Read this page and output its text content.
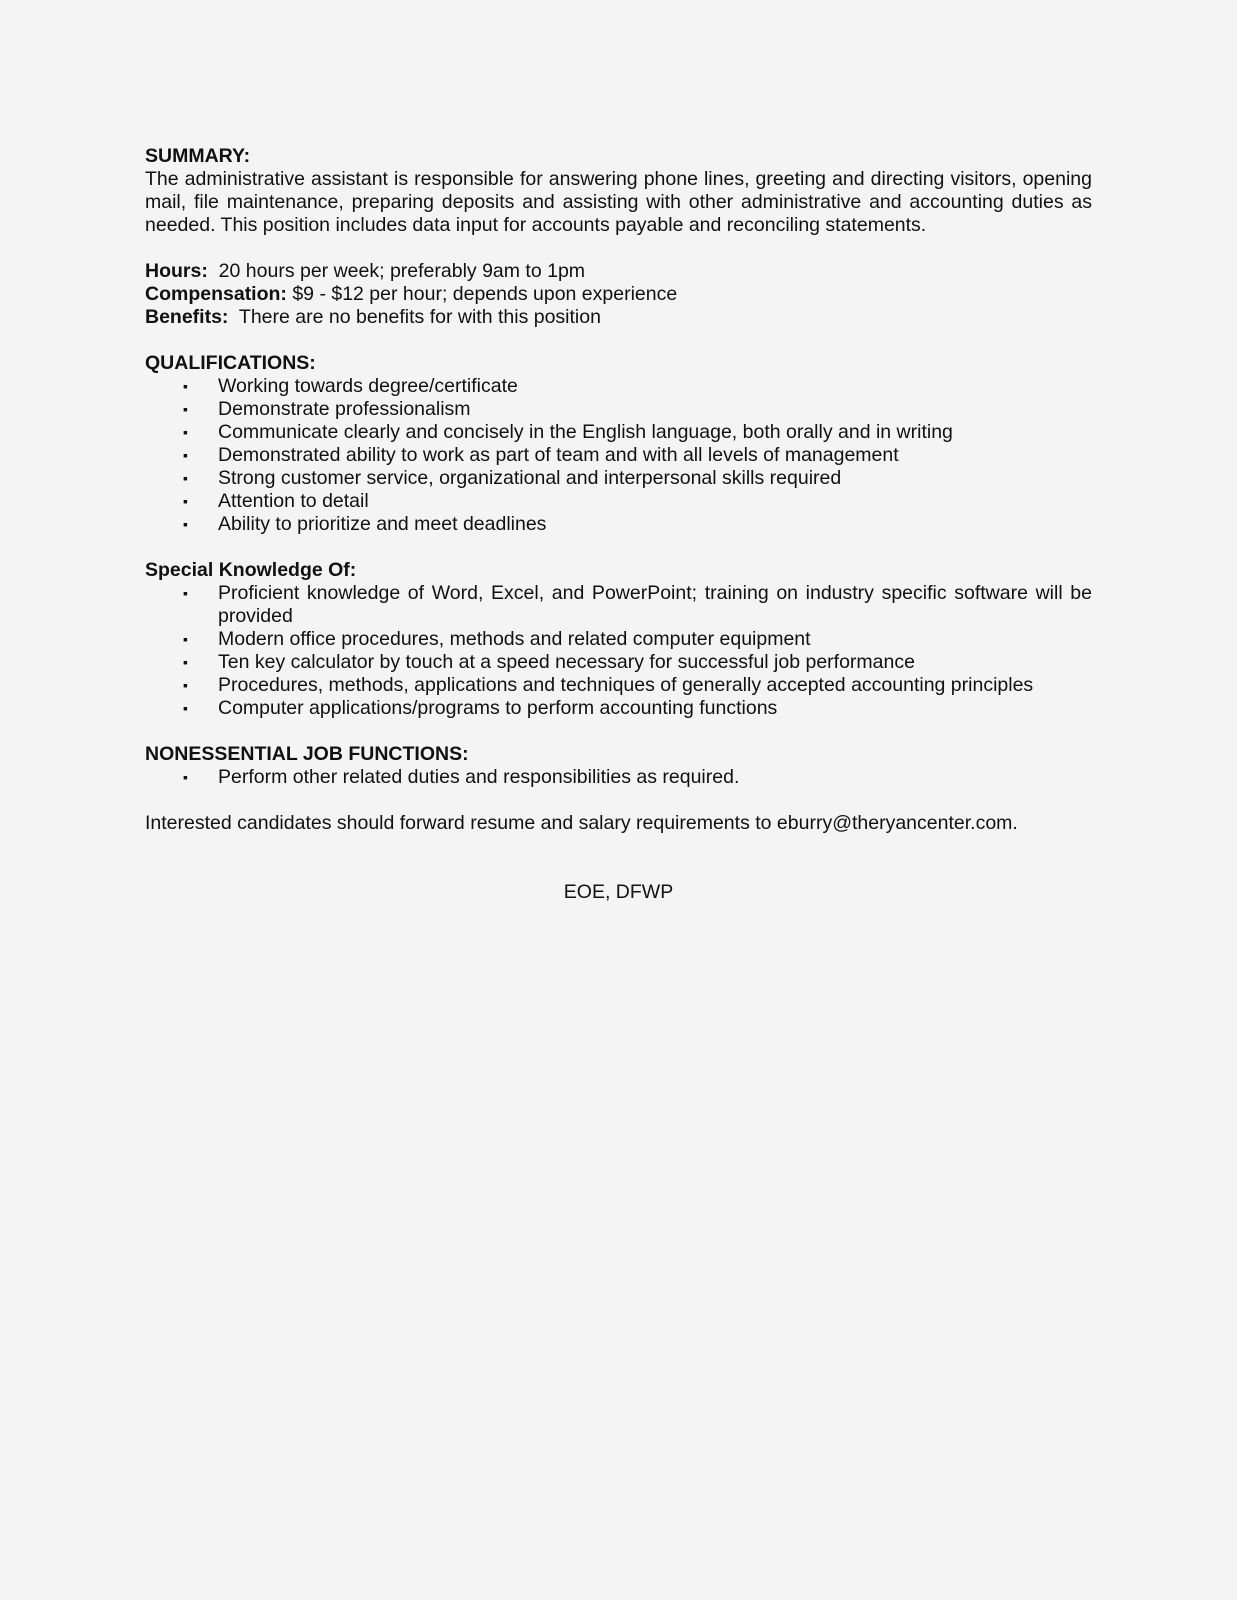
SUMMARY:

The administrative assistant is responsible for answering phone lines, greeting and directing visitors, opening mail, file maintenance, preparing deposits and assisting with other administrative and accounting duties as needed. This position includes data input for accounts payable and reconciling statements.

Hours:  20 hours per week; preferably 9am to 1pm

Compensation: $9 - $12 per hour; depends upon experience

Benefits:  There are no benefits for with this position

QUALIFICATIONS:

▪ Working towards degree/certificate
▪ Demonstrate professionalism
▪ Communicate clearly and concisely in the English language, both orally and in writing
▪ Demonstrated ability to work as part of team and with all levels of management
▪ Strong customer service, organizational and interpersonal skills required
▪ Attention to detail
▪ Ability to prioritize and meet deadlines

Special Knowledge Of:

▪ Proficient knowledge of Word, Excel, and PowerPoint; training on industry specific software will be provided
▪ Modern office procedures, methods and related computer equipment
▪ Ten key calculator by touch at a speed necessary for successful job performance
▪ Procedures, methods, applications and techniques of generally accepted accounting principles
▪ Computer applications/programs to perform accounting functions

NONESSENTIAL JOB FUNCTIONS:

▪ Perform other related duties and responsibilities as required.

Interested candidates should forward resume and salary requirements to eburry@theryancenter.com.

EOE, DFWP
